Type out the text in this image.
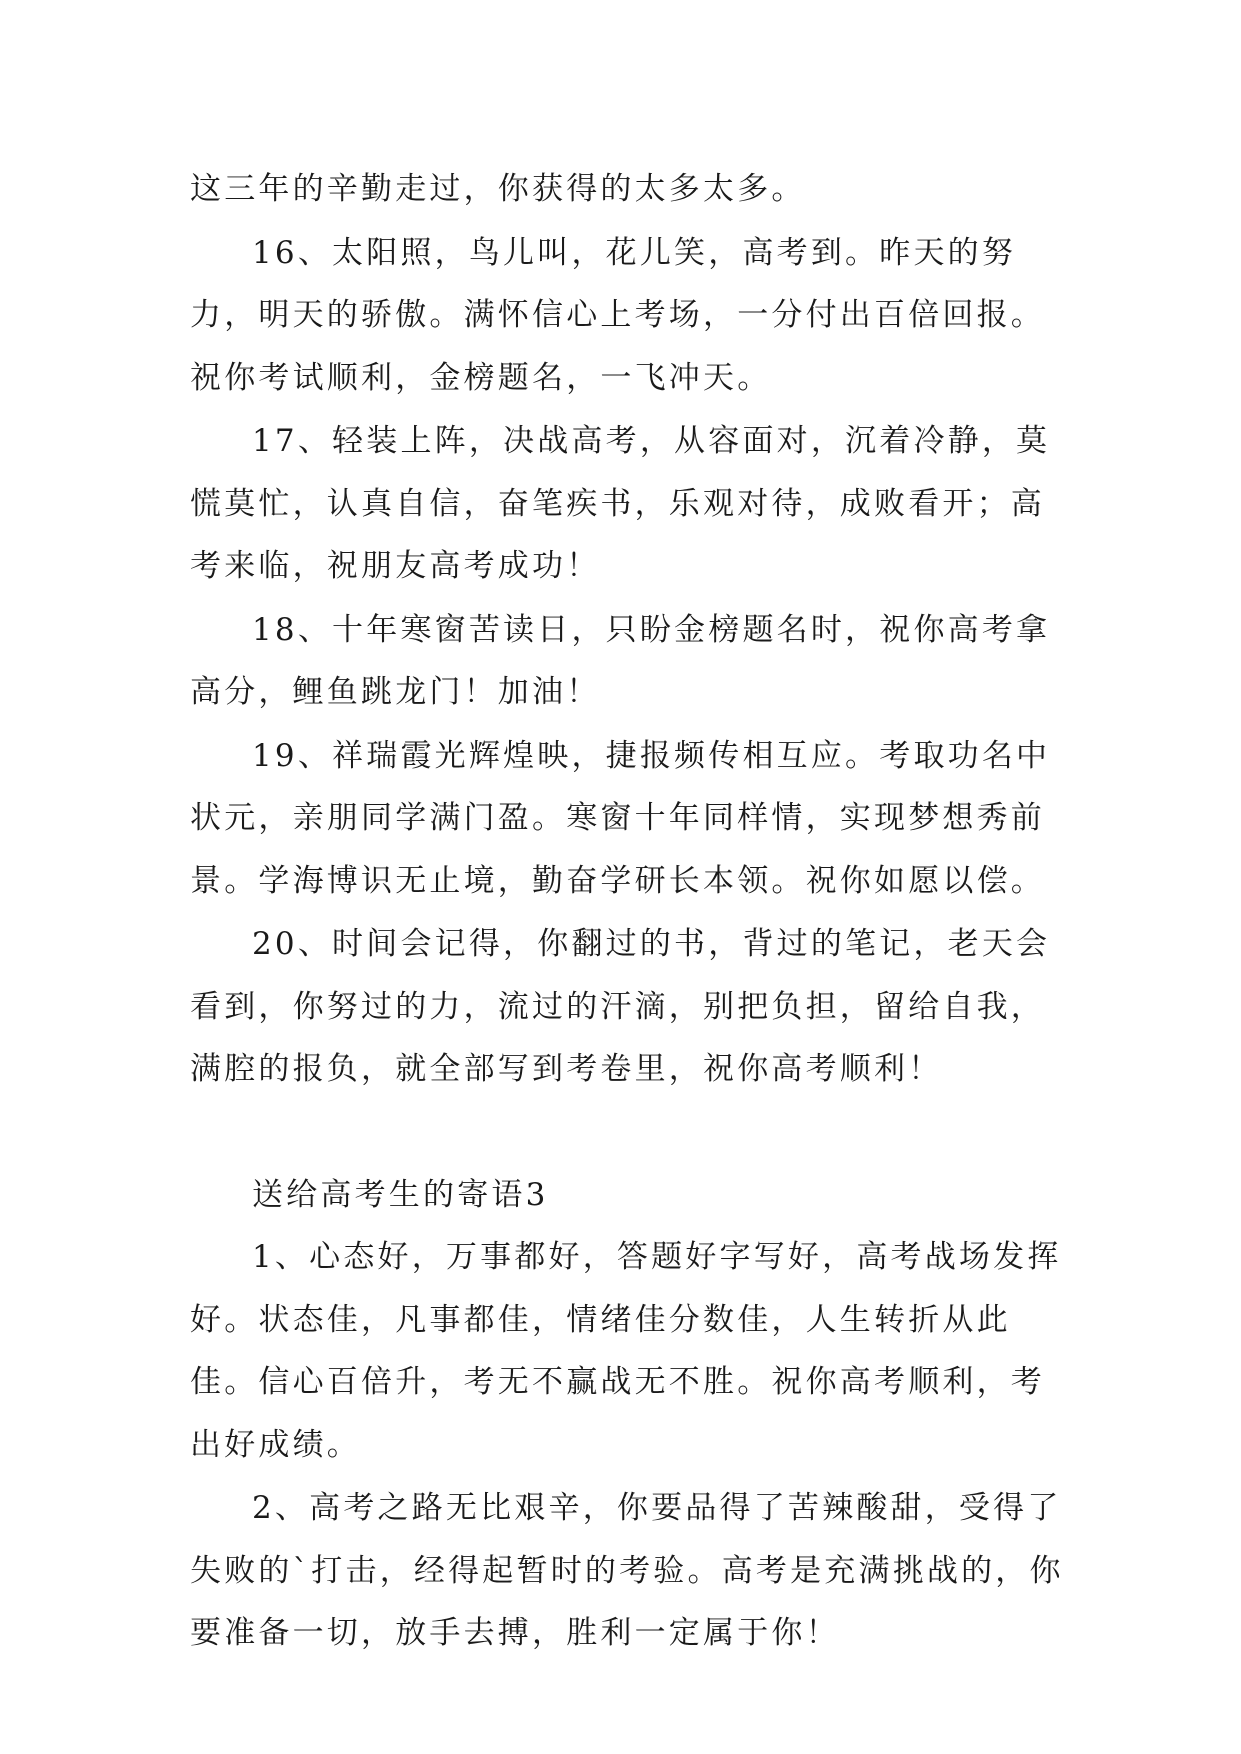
这三年的辛勤走过，你获得的太多太多。

16、太阳照，鸟儿叫，花儿笑，高考到。昨天的努力，明天的骄傲。满怀信心上考场，一分付出百倍回报。祝你考试顺利，金榜题名，一飞冲天。

17、轻装上阵，决战高考，从容面对，沉着冷静，莫慌莫忙，认真自信，奋笔疾书，乐观对待，成败看开；高考来临，祝朋友高考成功！

18、十年寒窗苦读日，只盼金榜题名时，祝你高考拿高分，鲤鱼跳龙门！加油！

19、祥瑞霞光辉煌映，捷报频传相互应。考取功名中状元，亲朋同学满门盈。寒窗十年同样情，实现梦想秀前景。学海博识无止境，勤奋学研长本领。祝你如愿以偿。

20、时间会记得，你翻过的书，背过的笔记，老天会看到，你努过的力，流过的汗滴，别把负担，留给自我，满腔的报负，就全部写到考卷里，祝你高考顺利！

送给高考生的寄语3

1、心态好，万事都好，答题好字写好，高考战场发挥好。状态佳，凡事都佳，情绪佳分数佳，人生转折从此佳。信心百倍升，考无不赢战无不胜。祝你高考顺利，考出好成绩。

2、高考之路无比艰辛，你要品得了苦辣酸甜，受得了失败的`打击，经得起暂时的考验。高考是充满挑战的，你要准备一切，放手去搏，胜利一定属于你！
